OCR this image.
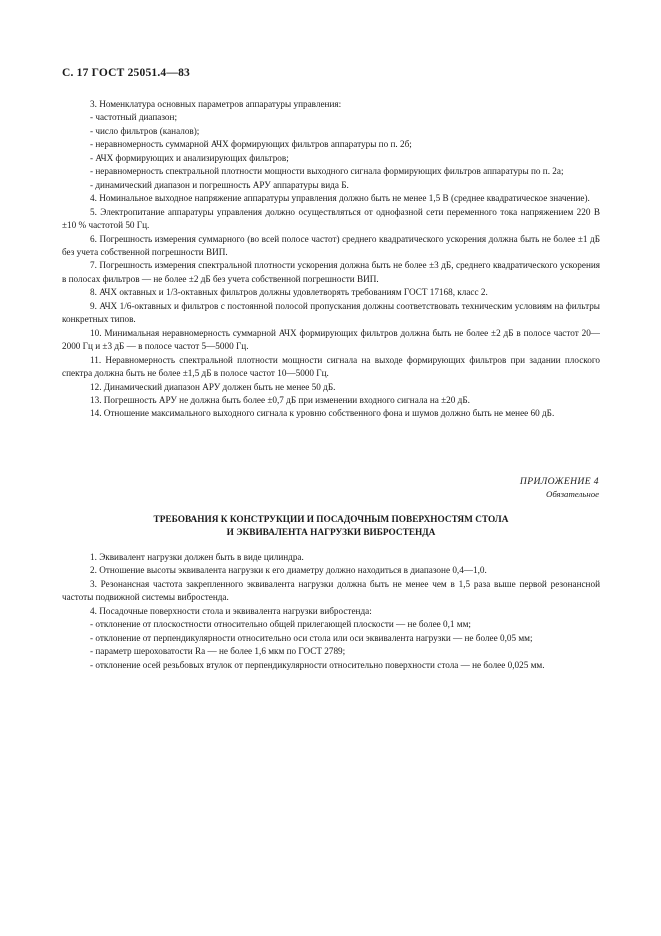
С. 17 ГОСТ 25051.4—83

3. Номенклатура основных параметров аппаратуры управления:

- частотный диапазон;

- число фильтров (каналов);

- неравномерность суммарной АЧХ формирующих фильтров аппаратуры по п. 2б;

- АЧХ формирующих и анализирующих фильтров;

- неравномерность спектральной плотности мощности выходного сигнала формирующих фильтров аппаратуры по п. 2а;

- динамический диапазон и погрешность АРУ аппаратуры вида Б.

4. Номинальное выходное напряжение аппаратуры управления должно быть не менее 1,5 В (среднее квадратическое значение).

5. Электропитание аппаратуры управления должно осуществляться от однофазной сети переменного тока напряжением 220 В ±10 % частотой 50 Гц.

6. Погрешность измерения суммарного (во всей полосе частот) среднего квадратического ускорения должна быть не более ±1 дБ без учета собственной погрешности ВИП.

7. Погрешность измерения спектральной плотности ускорения должна быть не более ±3 дБ, среднего квадратического ускорения в полосах фильтров — не более ±2 дБ без учета собственной погрешности ВИП.

8. АЧХ октавных и 1/3-октавных фильтров должны удовлетворять требованиям ГОСТ 17168, класс 2.

9. АЧХ 1/6-октавных и фильтров с постоянной полосой пропускания должны соответствовать техническим условиям на фильтры конкретных типов.

10. Минимальная неравномерность суммарной АЧХ формирующих фильтров должна быть не более ±2 дБ в полосе частот 20—2000 Гц и ±3 дБ — в полосе частот 5—5000 Гц.

11. Неравномерность спектральной плотности мощности сигнала на выходе формирующих фильтров при задании плоского спектра должна быть не более ±1,5 дБ в полосе частот 10—5000 Гц.

12. Динамический диапазон АРУ должен быть не менее 50 дБ.

13. Погрешность АРУ не должна быть более ±0,7 дБ при изменении входного сигнала на ±20 дБ.

14. Отношение максимального выходного сигнала к уровню собственного фона и шумов должно быть не менее 60 дБ.

ПРИЛОЖЕНИЕ 4
Обязательное
ТРЕБОВАНИЯ К КОНСТРУКЦИИ И ПОСАДОЧНЫМ ПОВЕРХНОСТЯМ СТОЛА
И ЭКВИВАЛЕНТА НАГРУЗКИ ВИБРОСТЕНДА

1. Эквивалент нагрузки должен быть в виде цилиндра.

2. Отношение высоты эквивалента нагрузки к его диаметру должно находиться в диапазоне 0,4—1,0.

3. Резонансная частота закрепленного эквивалента нагрузки должна быть не менее чем в 1,5 раза выше первой резонансной частоты подвижной системы вибростенда.

4. Посадочные поверхности стола и эквивалента нагрузки вибростенда:

- отклонение от плоскостности относительно общей прилегающей плоскости — не более 0,1 мм;

- отклонение от перпендикулярности относительно оси стола или оси эквивалента нагрузки — не более 0,05 мм;

- параметр шероховатости Ra — не более 1,6 мкм по ГОСТ 2789;

- отклонение осей резьбовых втулок от перпендикулярности относительно поверхности стола — не более 0,025 мм.
